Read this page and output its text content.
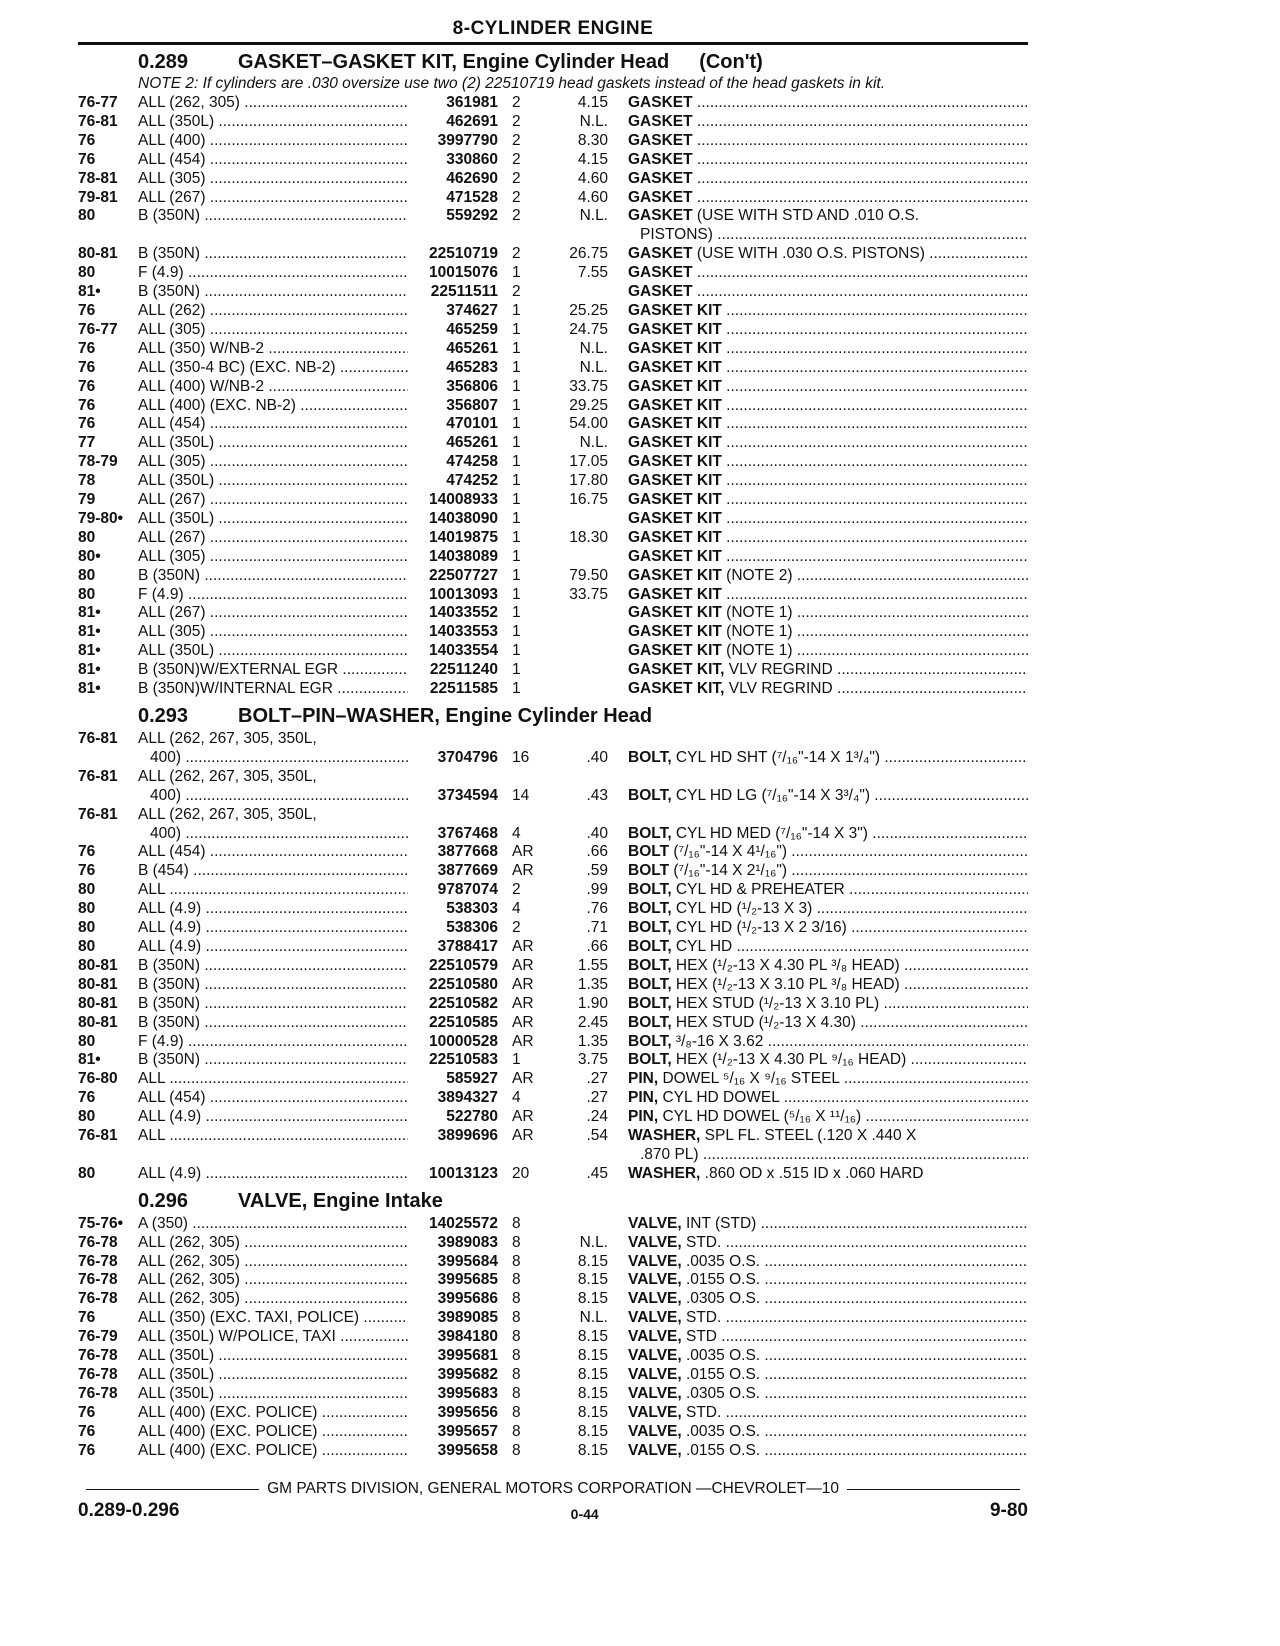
8-CYLINDER ENGINE
0.289 GASKET–GASKET KIT, Engine Cylinder Head (Con't)
NOTE 2: If cylinders are .030 oversize use two (2) 22510719 head gaskets instead of the head gaskets in kit.
76-77	ALL (262, 305) .....	361981 2	4.15	GASKET .....
76-81	ALL (350L) .....	462691 2	N.L.	GASKET .....
76	ALL (400) .....	3997790 2	8.30	GASKET .....
76	ALL (454) .....	330860 2	4.15	GASKET .....
78-81	ALL (305) .....	462690 2	4.60	GASKET .....
79-81	ALL (267) .....	471528 2	4.60	GASKET .....
80	B (350N) .....	559292 2	N.L.	GASKET (USE WITH STD AND .010 O.S.
PISTONS) .....
80-81	B (350N) .....	22510719 2	26.75	GASKET (USE WITH .030 O.S. PISTONS) .....
80	F (4.9) .....	10015076 1	7.55	GASKET .....
81•	B (350N) .....	22511511 2	GASKET .....
76	ALL (262) .....	374627 1	25.25	GASKET KIT .....
76-77	ALL (305) .....	465259 1	24.75	GASKET KIT .....
76	ALL (350) W/NB-2 .....	465261 1	N.L.	GASKET KIT .....
76	ALL (350-4 BC) (EXC. NB-2) .....	465283 1	N.L.	GASKET KIT .....
76	ALL (400) W/NB-2 .....	356806 1	33.75	GASKET KIT .....
76	ALL (400) (EXC. NB-2) .....	356807 1	29.25	GASKET KIT .....
76	ALL (454) .....	470101 1	54.00	GASKET KIT .....
77	ALL (350L) .....	465261 1	N.L.	GASKET KIT .....
78-79	ALL (305) .....	474258 1	17.05	GASKET KIT .....
78	ALL (350L) .....	474252 1	17.80	GASKET KIT .....
79	ALL (267) .....	14008933 1	16.75	GASKET KIT .....
79-80• ALL (350L) .....	14038090 1	GASKET KIT .....
80	ALL (267) .....	14019875 1	18.30	GASKET KIT .....
80•	ALL (305) .....	14038089 1	GASKET KIT .....
80	B (350N) .....	22507727 1	79.50	GASKET KIT (NOTE 2) .....
80	F (4.9) .....	10013093 1	33.75	GASKET KIT .....
81•	ALL (267) .....	14033552 1	GASKET KIT (NOTE 1) .....
81•	ALL (305) .....	14033553 1	GASKET KIT (NOTE 1) .....
81•	ALL (350L) .....	14033554 1	GASKET KIT (NOTE 1) .....
81•	B (350N)W/EXTERNAL EGR .....	22511240 1	GASKET KIT, VLV REGRIND .....
81•	B (350N)W/INTERNAL EGR .....	22511585 1	GASKET KIT, VLV REGRIND .....
0.293 BOLT–PIN–WASHER, Engine Cylinder Head
76-81	ALL (262, 267, 305, 350L,
400) .....	3704796 16	.40	BOLT, CYL HD SHT (⁷/₁₆"-14 X 1³/₄") .....
76-81	ALL (262, 267, 305, 350L,
400) .....	3734594 14	.43	BOLT, CYL HD LG (⁷/₁₆"-14 X 3³/₄") .....
76-81	ALL (262, 267, 305, 350L,
400) .....	3767468 4	.40	BOLT, CYL HD MED (⁷/₁₆"-14 X 3") .....
76	ALL (454) .....	3877668 AR	.66	BOLT (⁷/₁₆"-14 X 4¹/₁₆") .....
76	B (454) .....	3877669 AR	.59	BOLT (⁷/₁₆"-14 X 2¹/₁₆") .....
80	ALL .....	9787074 2	.99	BOLT, CYL HD & PREHEATER .....
80	ALL (4.9) .....	538303 4	.76	BOLT, CYL HD (¹/₂-13 X 3) .....
80	ALL (4.9) .....	538306 2	.71	BOLT, CYL HD (¹/₂-13 X 2 3/16) .....
80	ALL (4.9) .....	3788417 AR	.66	BOLT, CYL HD .....
80-81	B (350N) .....	22510579 AR	1.55	BOLT, HEX (¹/₂-13 X 4.30 PL ³/₈ HEAD) .....
80-81	B (350N) .....	22510580 AR	1.35	BOLT, HEX (¹/₂-13 X 3.10 PL ³/₈ HEAD) .....
80-81	B (350N) .....	22510582 AR	1.90	BOLT, HEX STUD (¹/₂-13 X 3.10 PL) .....
80-81	B (350N) .....	22510585 AR	2.45	BOLT, HEX STUD (¹/₂-13 X 4.30) .....
80	F (4.9) .....	10000528 AR	1.35	BOLT, ³/₈-16 X 3.62 .....
81•	B (350N) .....	22510583 1	3.75	BOLT, HEX (¹/₂-13 X 4.30 PL ⁹/₁₆ HEAD) .....
76-80	ALL .....	585927 AR	.27	PIN, DOWEL ⁵/₁₆ X ⁹/₁₆ STEEL .....
76	ALL (454) .....	3894327 4	.27	PIN, CYL HD DOWEL .....
80	ALL (4.9) .....	522780 AR	.24	PIN, CYL HD DOWEL (⁵/₁₆ X ¹¹/₁₆) .....
76-81	ALL .....	3899696 AR	.54	WASHER, SPL FL. STEEL (.120 X .440 X
.870 PL) .....
80	ALL (4.9) .....	10013123 20	.45	WASHER, .860 OD x .515 ID x .060 HARD
0.296 VALVE, Engine Intake
75-76• A (350) .....	14025572 8	VALVE, INT (STD) .....
76-78	ALL (262, 305) .....	3989083 8	N.L.	VALVE, STD. .....
76-78	ALL (262, 305) .....	3995684 8	8.15	VALVE, .0035 O.S. .....
76-78	ALL (262, 305) .....	3995685 8	8.15	VALVE, .0155 O.S. .....
76-78	ALL (262, 305) .....	3995686 8	8.15	VALVE, .0305 O.S. .....
76	ALL (350) (EXC. TAXI, POLICE) .....	3989085 8	N.L.	VALVE, STD. .....
76-79	ALL (350L) W/POLICE, TAXI .....	3984180 8	8.15	VALVE, STD .....
76-78	ALL (350L) .....	3995681 8	8.15	VALVE, .0035 O.S. .....
76-78	ALL (350L) .....	3995682 8	8.15	VALVE, .0155 O.S. .....
76-78	ALL (350L) .....	3995683 8	8.15	VALVE, .0305 O.S. .....
76	ALL (400) (EXC. POLICE) .....	3995656 8	8.15	VALVE, STD. .....
76	ALL (400) (EXC. POLICE) .....	3995657 8	8.15	VALVE, .0035 O.S. .....
76	ALL (400) (EXC. POLICE) .....	3995658 8	8.15	VALVE, .0155 O.S. .....
GM PARTS DIVISION, GENERAL MOTORS CORPORATION —CHEVROLET—10
0.289-0.296	0-44	9-80
